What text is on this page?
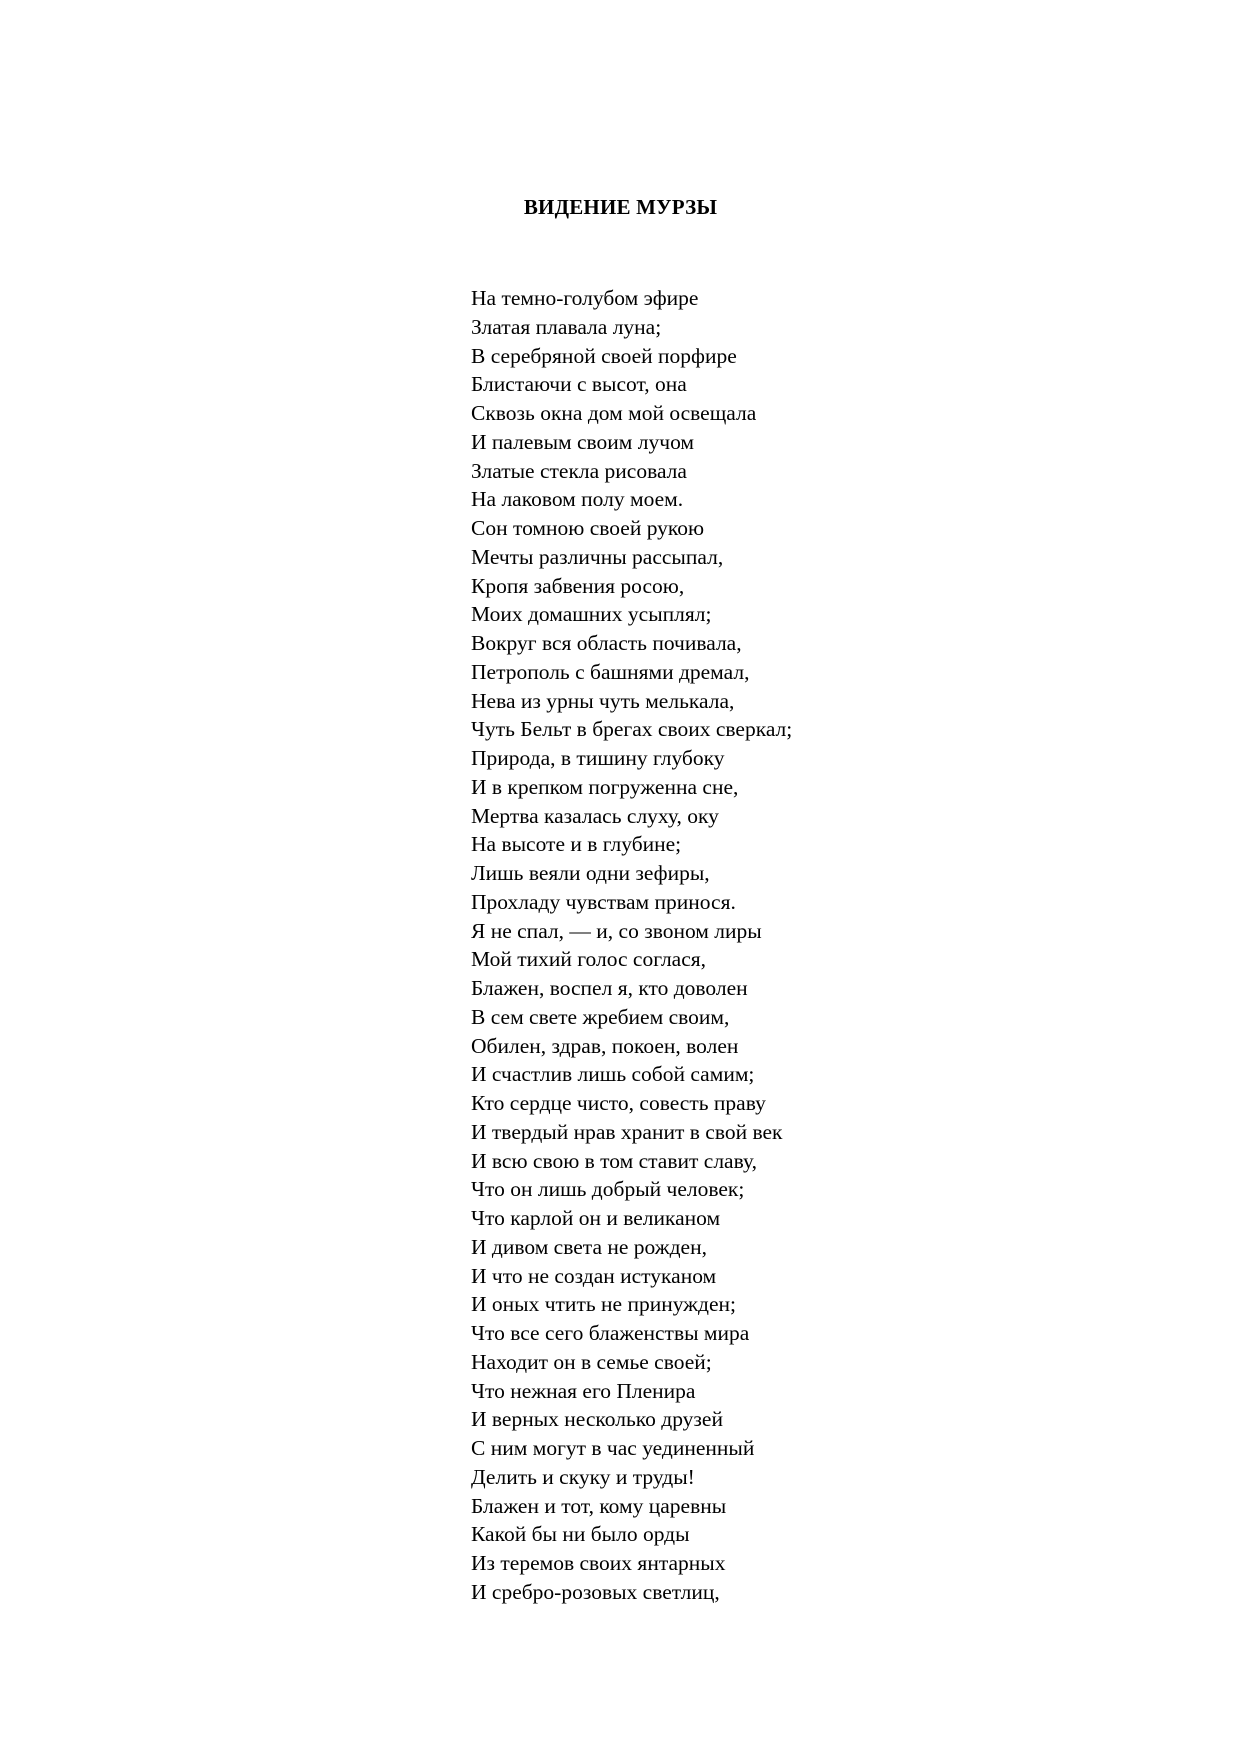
ВИДЕНИЕ МУРЗЫ
На темно-голубом эфире
Златая плавала луна;
В серебряной своей порфире
Блистаючи с высот, она
Сквозь окна дом мой освещала
И палевым своим лучом
Златые стекла рисовала
На лаковом полу моем.
Сон томною своей рукою
Мечты различны рассыпал,
Кропя забвения росою,
Моих домашних усыплял;
Вокруг вся область почивала,
Петрополь с башнями дремал,
Нева из урны чуть мелькала,
Чуть Бельт в брегах своих сверкал;
Природа, в тишину глубоку
И в крепком погруженна сне,
Мертва казалась слуху, оку
На высоте и в глубине;
Лишь веяли одни зефиры,
Прохладу чувствам принося.
Я не спал, — и, со звоном лиры
Мой тихий голос соглася,
Блажен, воспел я, кто доволен
В сем свете жребием своим,
Обилен, здрав, покоен, волен
И счастлив лишь собой самим;
Кто сердце чисто, совесть праву
И твердый нрав хранит в свой век
И всю свою в том ставит славу,
Что он лишь добрый человек;
Что карлой он и великаном
И дивом света не рожден,
И что не создан истуканом
И оных чтить не принужден;
Что все сего блаженствы мира
Находит он в семье своей;
Что нежная его Пленира
И верных несколько друзей
С ним могут в час уединенный
Делить и скуку и труды!
Блажен и тот, кому царевны
Какой бы ни было орды
Из теремов своих янтарных
И сребро-розовых светлиц,
